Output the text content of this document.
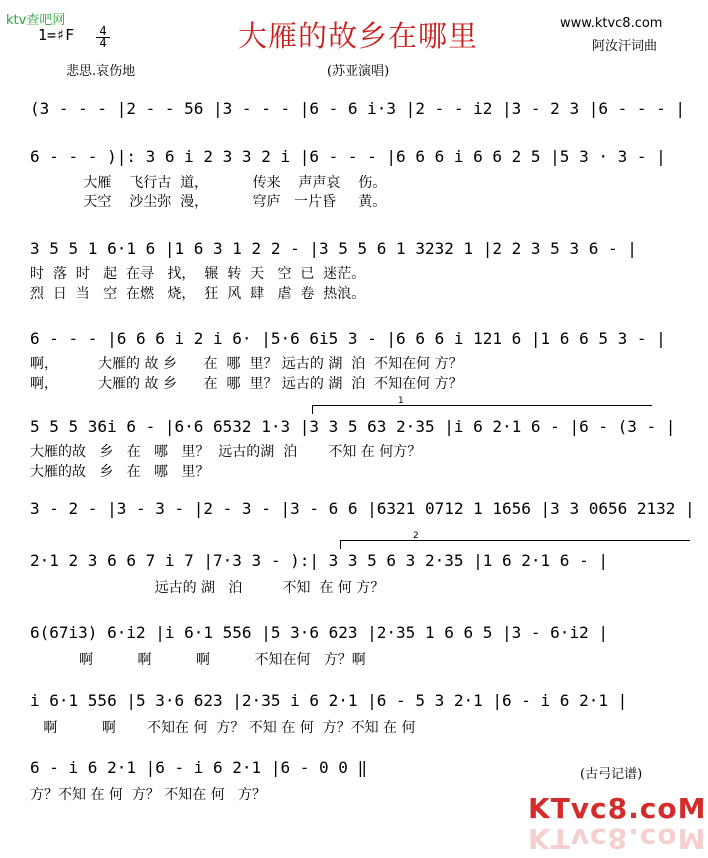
ktv查吧网
1=♯F 4
4	大雁的故乡在哪里	www.ktvc8.com
阿汝汗词曲
悲思.哀伤地	(苏亚演唱)
(3 - - - |2 - - 56 |3 - - - |6 - 6 i·3 |2 - - i2 |3 - 2 3 |6 - - - |
6 - - - )|: 3 6 i 2 3 3 2 i |6 - - - |6 6 6 i 6 6 2 5 |5 3 · 3 - |
大雁    飞行古  道，          传来    声声哀    伤。
天空    沙尘弥  漫，          穹庐   一片昏     黄。
3 5 5 1 6·1 6 |1 6 3 1 2 2 - |3 5 5 6 1 3232 1 |2 2 3 5 3 6 - |
时  落  时   起  在寻   找，  辗  转  天   空  已  迷茫。
烈  日  当   空  在燃   烧，  狂  风  肆   虐  卷  热浪。
6 - - - |6 6 6 i 2 i 6· |5·6 6i5 3 - |6 6 6 i 121 6 |1 6 6 5 3 - |
啊，         大雁的 故 乡      在  哪  里？ 远古的 湖  泊  不知在何 方？
啊，         大雁的 故 乡      在  哪  里？ 远古的 湖  泊  不知在何 方？
1
5 5 5 36i 6 - |6·6 6532 1·3 |3 3 5 63 2·35 |i 6 2·1 6 - |6 - (3 - |
大雁的故   乡   在   哪   里？  远古的湖  泊       不知 在 何方？
大雁的故   乡   在   哪   里？
3 - 2 - |3 - 3 - |2 - 3 - |3 - 6 6 |6321 0712 1 1656 |3 3 0656 2132 |
2
2·1 2 3 6 6 7 i 7 |7·3 3 - ):| 3 3 5 6 3 2·35 |1 6 2·1 6 - |
远古的 湖   泊         不知  在 何 方？
6(67i3) 6·i2 |i 6·1 556 |5 3·6 623 |2·35 1 6 6 5 |3 - 6·i2 |
啊          啊          啊          不知在何   方？啊
i 6·1 556 |5 3·6 623 |2·35 i 6 2·1 |6 - 5 3 2·1 |6 - i 6 2·1 |
啊          啊       不知在 何  方？ 不知 在 何  方？不知 在 何
6 - i 6 2·1 |6 - i 6 2·1 |6 - 0 0 ‖
方？不知 在 何  方？ 不知在 何   方？
(古弓记谱)
KTvc8.coM
KTvc8.coM
